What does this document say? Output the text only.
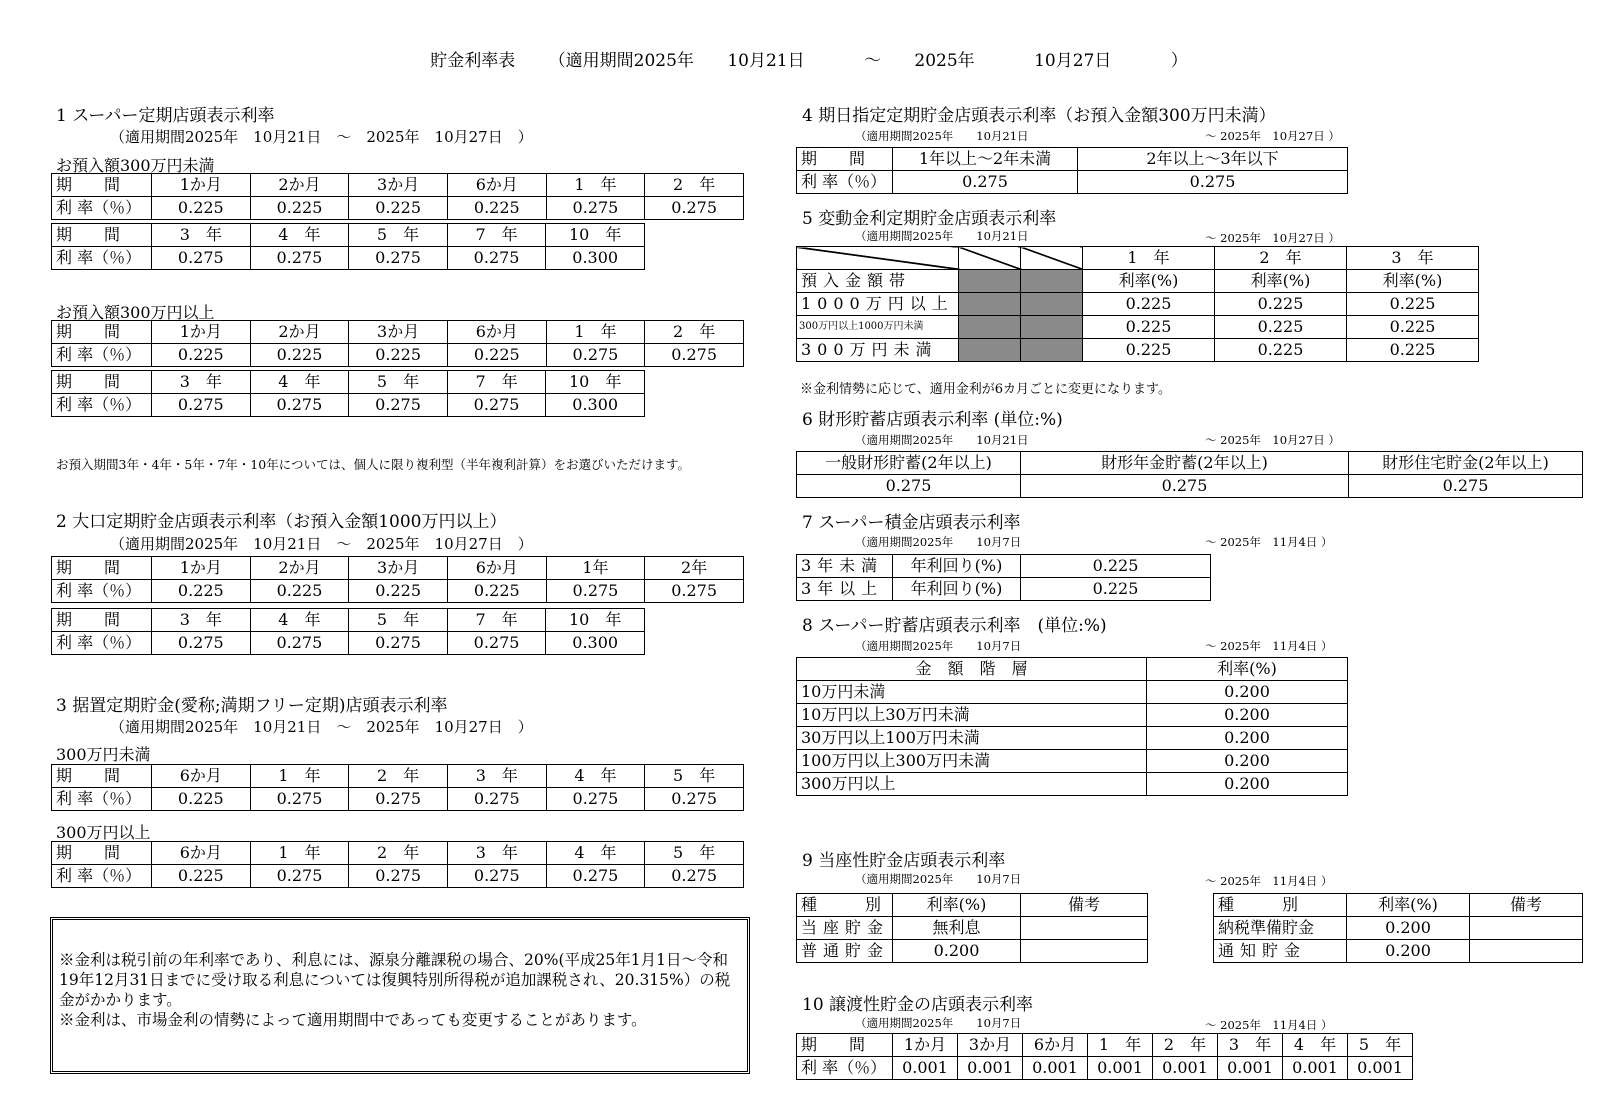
貯金利率表 （適用期間2025年 10月21日	～ 2025年	10月27日	）
1 スーパー定期店頭表示利率
（適用期間2025年　10月21日　～　2025年　10月27日　）
お預入額300万円未満
期　　間	1か月	2か月	3か月	6か月	1　年	2　年
利 率（％）	0.225	0.225	0.225	0.225	0.275	0.275
期　　間	3　年	4　年	5　年	7　年	10　年
利 率（％）	0.275	0.275	0.275	0.275	0.300
お預入額300万円以上
期　　間	1か月	2か月	3か月	6か月	1　年	2　年
利 率（％）	0.225	0.225	0.225	0.225	0.275	0.275
期　　間	3　年	4　年	5　年	7　年	10　年
利 率（％）	0.275	0.275	0.275	0.275	0.300
お預入期間3年・4年・5年・7年・10年については、個人に限り複利型（半年複利計算）をお選びいただけます。
2 大口定期貯金店頭表示利率（お預入金額1000万円以上）
（適用期間2025年　10月21日　～　2025年　10月27日　）
期　　間	1か月	2か月	3か月	6か月	1年	2年
利 率（％）	0.225	0.225	0.225	0.225	0.275	0.275
期　　間	3　年	4　年	5　年	7　年	10　年
利 率（％）	0.275	0.275	0.275	0.275	0.300
3 据置定期貯金(愛称;満期フリー定期)店頭表示利率
（適用期間2025年　10月21日　～　2025年　10月27日　）
300万円未満
期　　間	6か月	1　年	2　年	3　年	4　年	5　年
利 率（％）	0.225	0.275	0.275	0.275	0.275	0.275
300万円以上
期　　間	6か月	1　年	2　年	3　年	4　年	5　年
利 率（％）	0.225	0.275	0.275	0.275	0.275	0.275
※金利は税引前の年利率であり、利息には、源泉分離課税の場合、20%(平成25年1月1日～令和19年12月31日までに受け取る利息については復興特別所得税が追加課税され、20.315%）の税金がかかります。
※金利は、市場金利の情勢によって適用期間中であっても変更することがあります。
4 期日指定定期貯金店頭表示利率（お預入金額300万円未満）
（適用期間2025年　　10月21日	～ 2025年　10月27日 ）
期　　間	1年以上～2年未満	2年以上～3年以下
利 率（％）	0.275	0.275
5 変動金利定期貯金店頭表示利率
（適用期間2025年　　10月21日	～ 2025年　10月27日 ）
			1　年	2　年	3　年
預入金額帯			利率(%)	利率(%)	利率(%)
1000万円以上			0.225	0.225	0.225
300万円以上1000万円未満			0.225	0.225	0.225
300万円未満			0.225	0.225	0.225
※金利情勢に応じて、適用金利が6カ月ごとに変更になります。
6 財形貯蓄店頭表示利率 (単位:%)
（適用期間2025年　　10月21日	～ 2025年　10月27日 ）
一般財形貯蓄(2年以上)	財形年金貯蓄(2年以上)	財形住宅貯金(2年以上)
0.275	0.275	0.275
7 スーパー積金店頭表示利率
（適用期間2025年　　10月7日	～ 2025年　11月4日 ）
3年未満	年利回り(%)	0.225
3年以上	年利回り(%)	0.225
8 スーパー貯蓄店頭表示利率　(単位:%)
（適用期間2025年　　10月7日	～ 2025年　11月4日 ）
金　額　階　層	利率(%)
10万円未満	0.200
10万円以上30万円未満	0.200
30万円以上100万円未満	0.200
100万円以上300万円未満	0.200
300万円以上	0.200
9 当座性貯金店頭表示利率
（適用期間2025年　　10月7日	～ 2025年　11月4日 ）
種　　　別	利率(%)	備考
当座貯金	無利息	
普通貯金	0.200	
種　　　別	利率(%)	備考
納税準備貯金	0.200	
通知貯金	0.200	
10 譲渡性貯金の店頭表示利率
（適用期間2025年　　10月7日	～ 2025年　11月4日 ）
期　　間	1か月	3か月	6か月	1　年	2　年	3　年	4　年	5　年
利 率（％）	0.001	0.001	0.001	0.001	0.001	0.001	0.001	0.001
